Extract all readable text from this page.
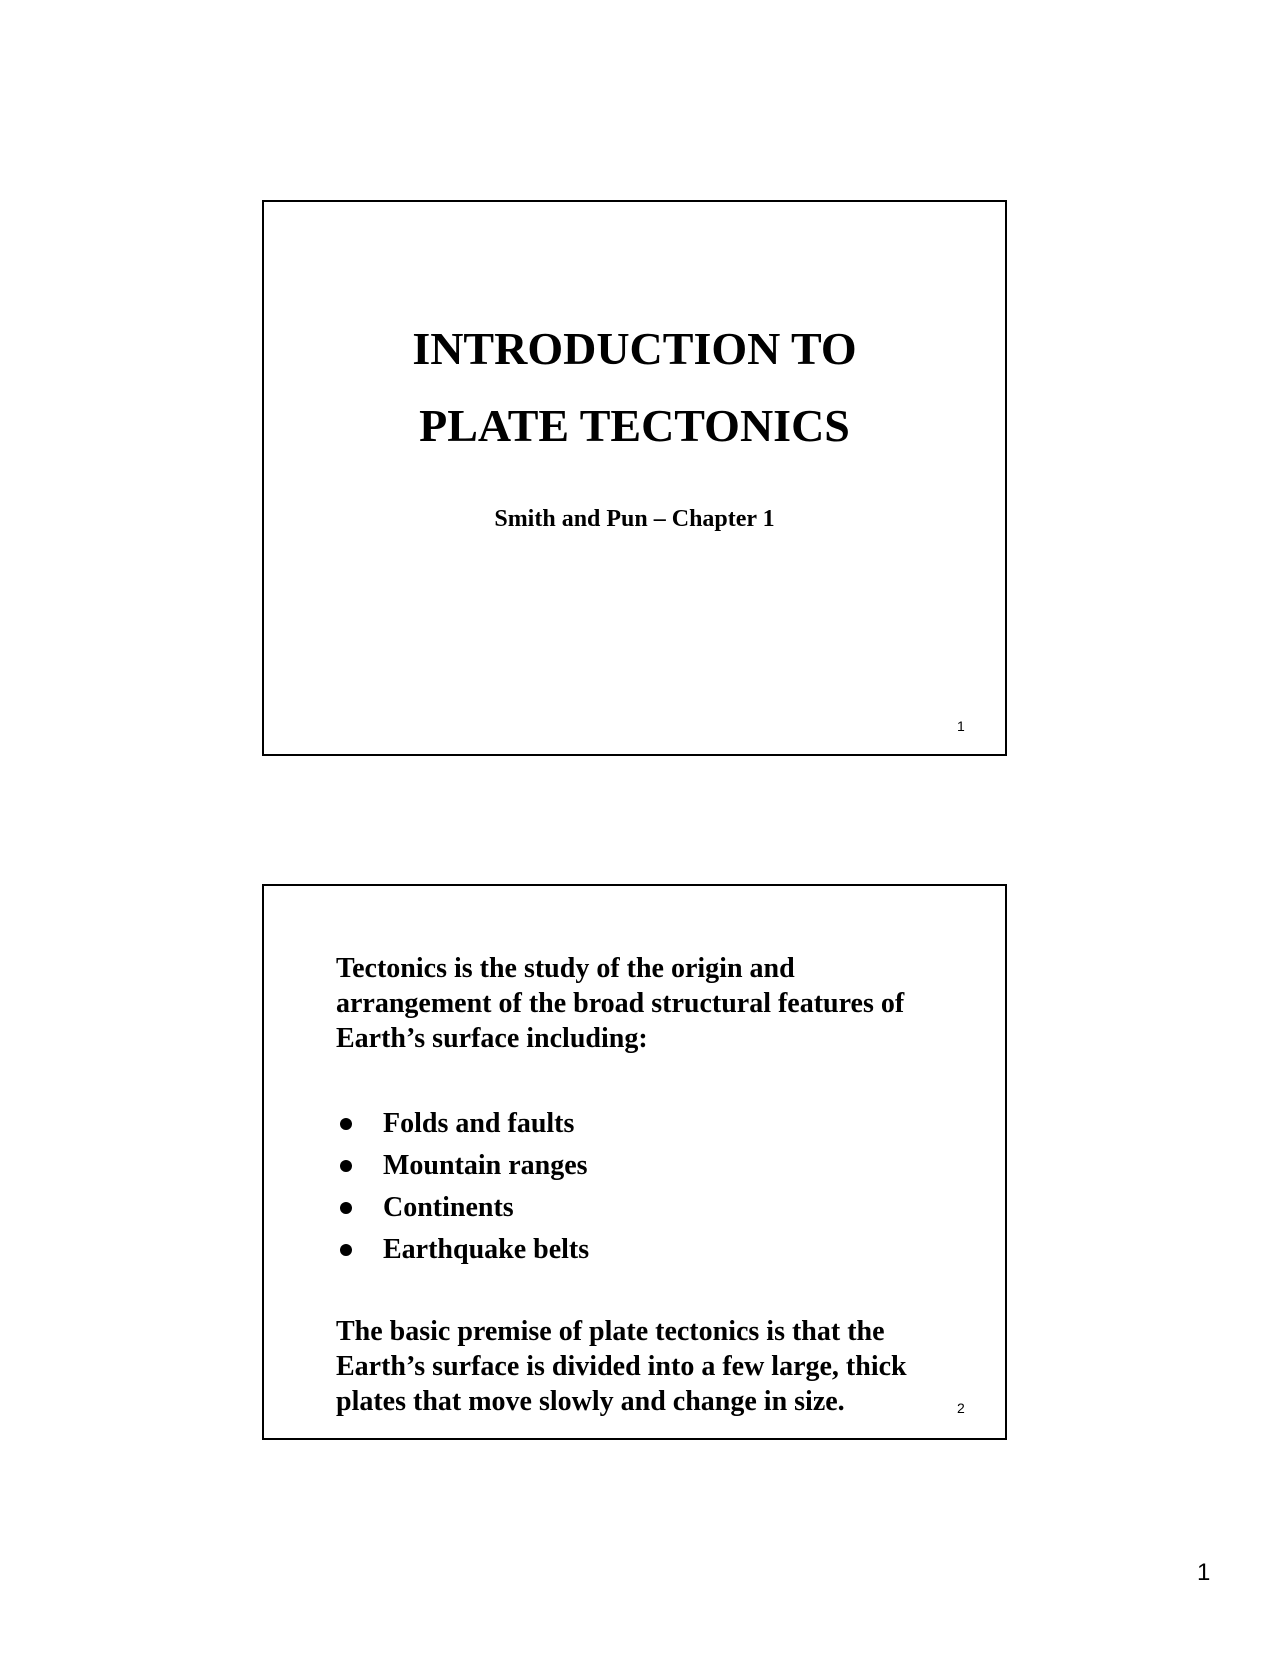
INTRODUCTION TO
PLATE TECTONICS
Smith and Pun – Chapter 1
1
Tectonics is the study of the origin and
arrangement of the broad structural features of
Earth’s surface including:
Folds and faults
Mountain ranges
Continents
Earthquake belts
The basic premise of plate tectonics is that the
Earth’s surface is divided into a few large, thick
plates that move slowly and change in size.	2
1
